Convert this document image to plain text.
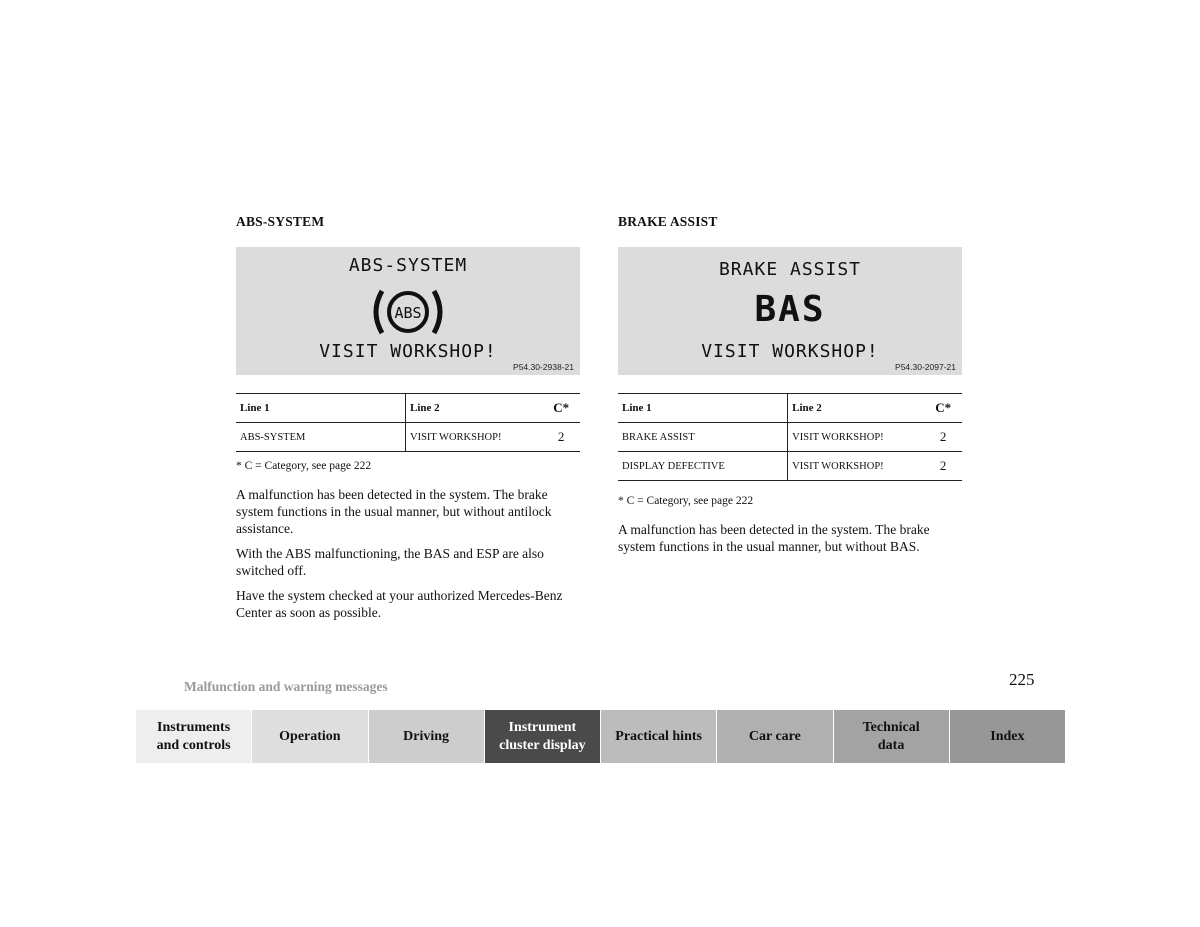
ABS-SYSTEM
ABS-SYSTEM
ABS
VISIT WORKSHOP!
P54.30-2938-21
Line 1	Line 2	C*
ABS-SYSTEM	VISIT WORKSHOP!	2
* C = Category, see page 222

A malfunction has been detected in the system. The brake system functions in the usual manner, but without antilock assistance.

With the ABS malfunctioning, the BAS and ESP are also switched off.

Have the system checked at your authorized Mercedes-Benz Center as soon as possible.

BRAKE ASSIST
BRAKE ASSIST
BAS
VISIT WORKSHOP!
P54.30-2097-21
Line 1	Line 2	C*
BRAKE ASSIST	VISIT WORKSHOP!	2
DISPLAY DEFECTIVE	VISIT WORKSHOP!	2
* C = Category, see page 222

A malfunction has been detected in the system. The brake system functions in the usual manner, but without BAS.

Malfunction and warning messages	225
Instruments
and controls
Operation	Driving
Instrument
cluster display
Practical hints	Car care
Technical
data
Index
